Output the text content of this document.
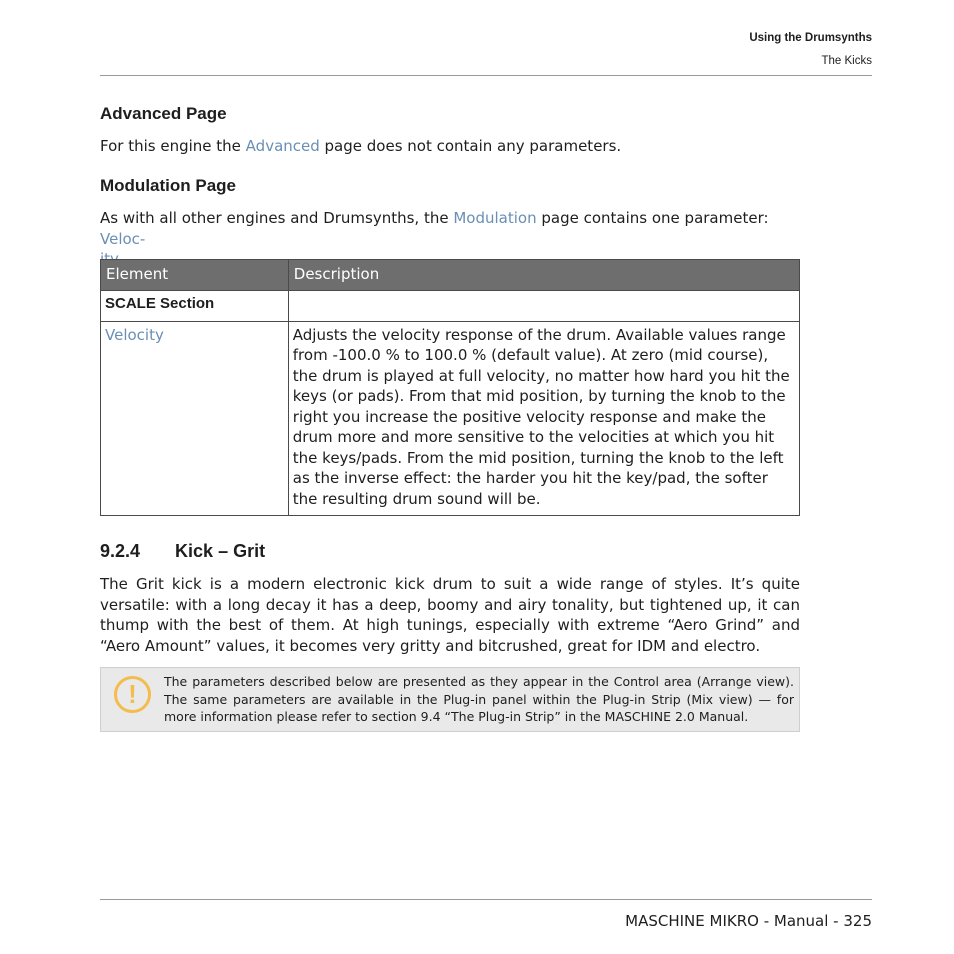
Using the Drumsynths
The Kicks
Advanced Page

For this engine the Advanced page does not contain any parameters.

Modulation Page

As with all other engines and Drumsynths, the Modulation page contains one parameter: Veloc-

Element	Description
SCALE Section	
Velocity	Adjusts the velocity response of the drum. Available values range from -100.0 % to 100.0 % (default value). At zero (mid course), the drum is played at full velocity, no matter how hard you hit the keys (or pads). From that mid position, by turning the knob to the right you increase the positive velocity response and make the drum more and more sensitive to the velocities at which you hit the keys/pads. From the mid position, turning the knob to the left as the inverse effect: the harder you hit the key/pad, the softer the resulting drum sound will be.
9.2.4 Kick – Grit

The Grit kick is a modern electronic kick drum to suit a wide range of styles. It’s quite versatile: with a long decay it has a deep, boomy and airy tonality, but tightened up, it can thump with the best of them. At high tunings, especially with extreme “Aero Grind” and “Aero Amount” values, it becomes very gritty and bitcrushed, great for IDM and electro.

!	The parameters described below are presented as they appear in the Control area (Arrange view). The same parameters are available in the Plug-in panel within the Plug-in Strip (Mix view) — for more information please refer to section 9.4 “The Plug-in Strip” in the MASCHINE 2.0 Manual.

MASCHINE MIKRO - Manual - 325
